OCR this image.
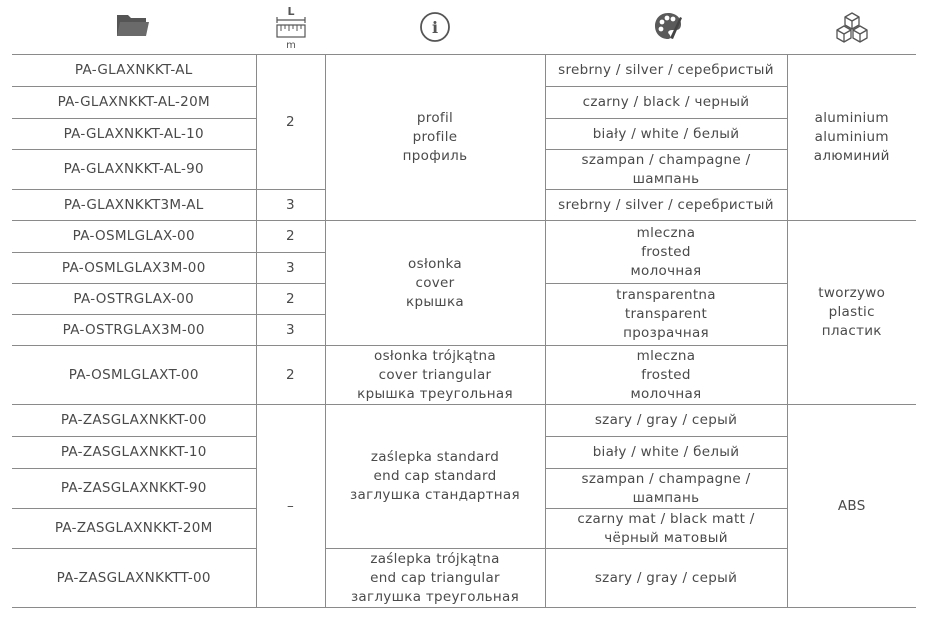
L
m
i
PA-GLAXNKKT-AL	2	profil
profile
профиль	srebrny / silver / серебристый	aluminium
aluminium
алюминий

PA-GLAXNKKT-AL-20M			czarny / black / черный	
PA-GLAXNKKT-AL-10			biały / white / белый	
PA-GLAXNKKT-AL-90			szampan / champagne /
шампань	

PA-GLAXNKKT3M-AL	3		srebrny / silver / серебристый	
PA-OSMLGLAX-00	2	osłonka
cover
крышка	mleczna
frosted
молочная	tworzywo
plastic
пластик

PA-OSMLGLAX3M-00	3			
PA-OSTRGLAX-00	2		transparentna
transparent
прозрачная	

PA-OSTRGLAX3M-00	3			
PA-OSMLGLAXT-00	2	osłonka trójkątna
cover triangular
крышка треугольная	mleczna
frosted
молочная	

PA-ZASGLAXNKKT-00	–	zaślepka standard
end cap standard
заглушка стандартная	szary / gray / серый	ABS
PA-ZASGLAXNKKT-10			biały / white / белый	
PA-ZASGLAXNKKT-90			szampan / champagne /
шампань	

PA-ZASGLAXNKKT-20M			czarny mat / black matt /
чёрный матовый	

PA-ZASGLAXNKKTT-00		zaślepka trójkątna
end cap triangular
заглушка треугольная	szary / gray / серый	
